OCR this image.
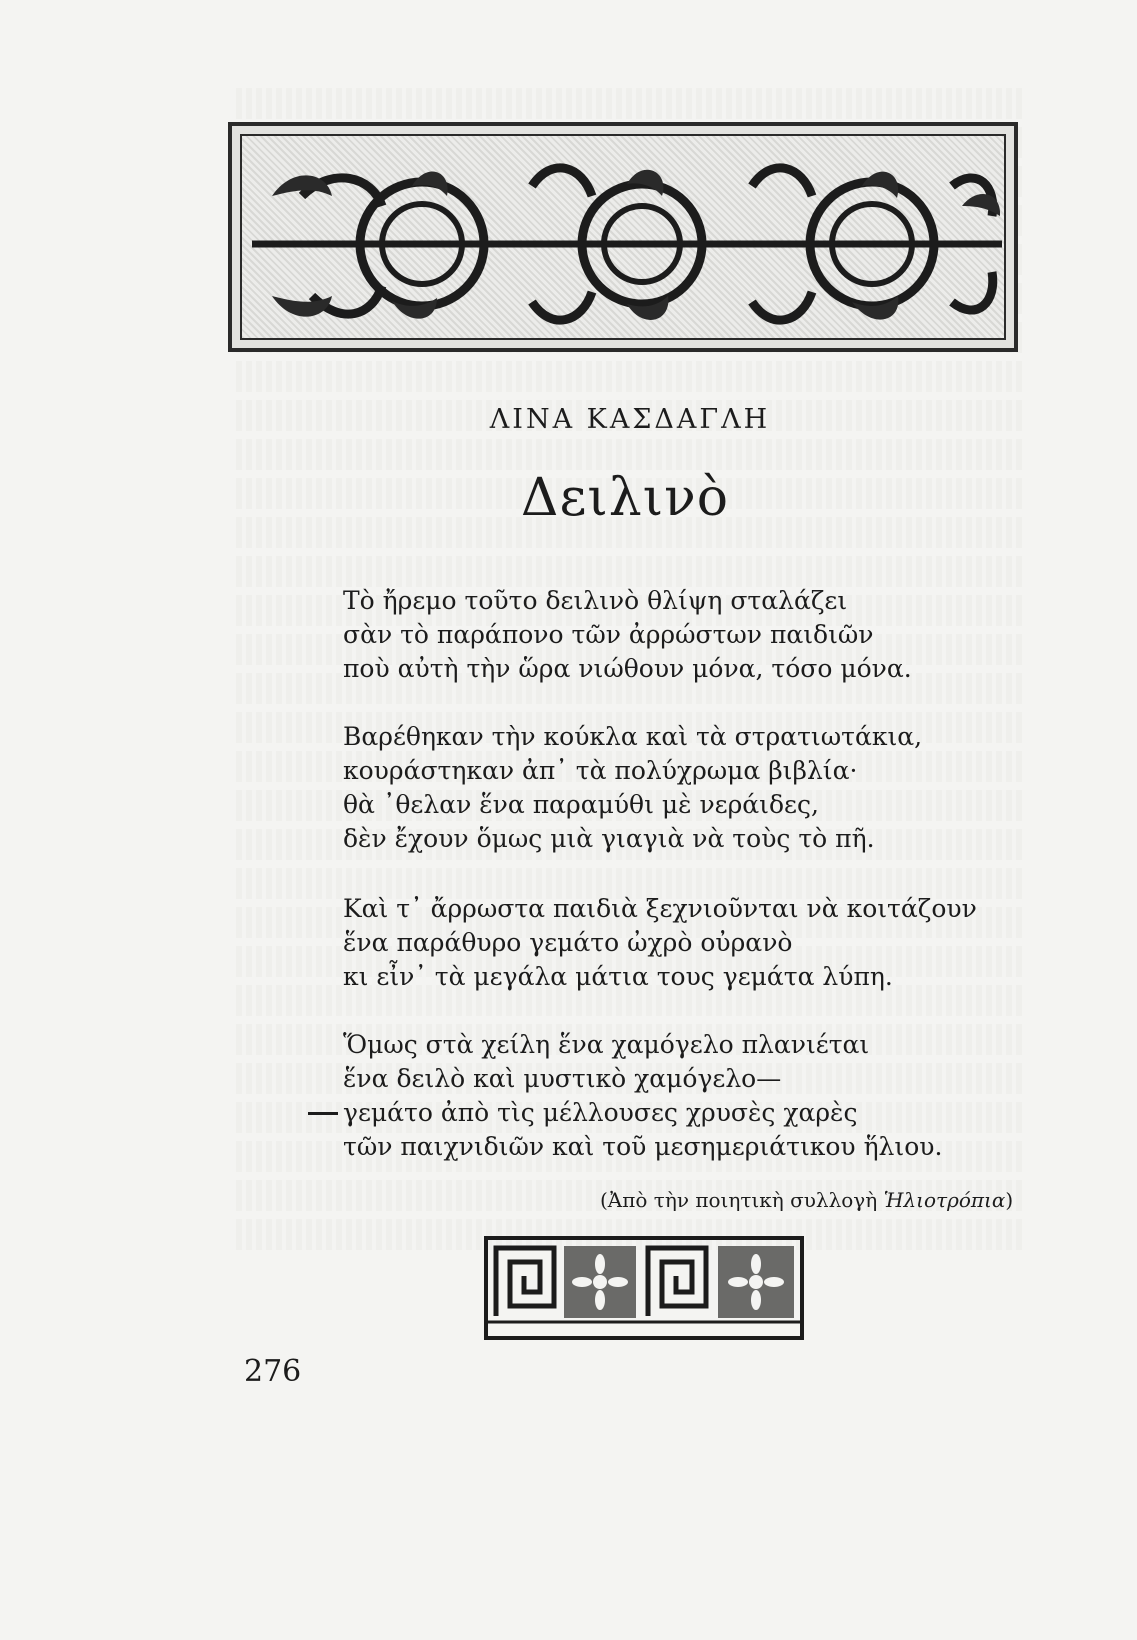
ΛΙΝΑ ΚΑΣΔΑΓΛΗ
Δειλινὸ
Τὸ ἤρεμο τοῦτο δειλινὸ θλίψη σταλάζει
σὰν τὸ παράπονο τῶν ἀρρώστων παιδιῶν
ποὺ αὐτὴ τὴν ὥρα νιώθουν μόνα, τόσο μόνα.
Βαρέθηκαν τὴν κούκλα καὶ τὰ στρατιωτάκια,
κουράστηκαν ἀπ᾽ τὰ πολύχρωμα βιβλία·
θὰ ᾽θελαν ἕνα παραμύθι μὲ νεράιδες,
δὲν ἔχουν ὅμως μιὰ γιαγιὰ νὰ τοὺς τὸ πῆ.
Καὶ τ᾽ ἄρρωστα παιδιὰ ξεχνιοῦνται νὰ κοιτάζουν
ἕνα παράθυρο γεμάτο ὠχρὸ οὐρανὸ
κι εἶν᾽ τὰ μεγάλα μάτια τους γεμάτα λύπη.
Ὅμως στὰ χείλη ἕνα χαμόγελο πλανιέται
ἕνα δειλὸ καὶ μυστικὸ χαμόγελο—
γεμάτο ἀπὸ τὶς μέλλουσες χρυσὲς χαρὲς
τῶν παιχνιδιῶν καὶ τοῦ μεσημεριάτικου ἥλιου.
(Ἀπὸ τὴν ποιητικὴ συλλογὴ Ἡλιοτρόπια)
276
